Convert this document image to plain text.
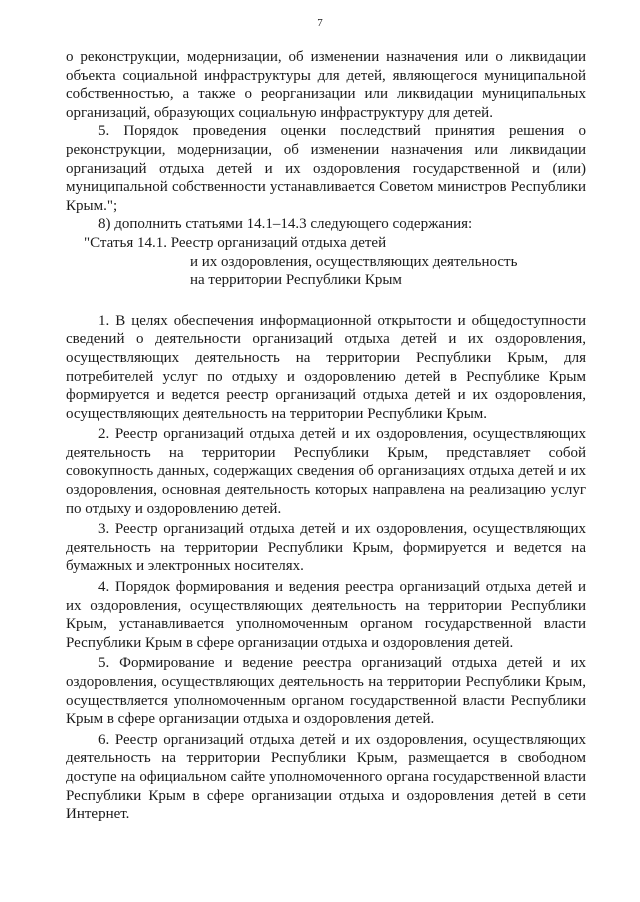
7

о реконструкции, модернизации, об изменении назначения или о ликвидации объекта социальной инфраструктуры для детей, являющегося муниципальной собственностью, а также о реорганизации или ликвидации муниципальных организаций, образующих социальную инфраструктуру для детей.

5. Порядок проведения оценки последствий принятия решения о реконструкции, модернизации, об изменении назначения или ликвидации организаций отдыха детей и их оздоровления государственной и (или) муниципальной собственности устанавливается Советом министров Республики Крым.";

8) дополнить статьями 14.1–14.3 следующего содержания:

"Статья 14.1. Реестр организаций отдыха детей

и их оздоровления, осуществляющих деятельность

на территории Республики Крым

1. В целях обеспечения информационной открытости и общедоступности сведений о деятельности организаций отдыха детей и их оздоровления, осуществляющих деятельность на территории Республики Крым, для потребителей услуг по отдыху и оздоровлению детей в Республике Крым формируется и ведется реестр организаций отдыха детей и их оздоровления, осуществляющих деятельность на территории Республики Крым.

2. Реестр организаций отдыха детей и их оздоровления, осуществляющих деятельность на территории Республики Крым, представляет собой совокупность данных, содержащих сведения об организациях отдыха детей и их оздоровления, основная деятельность которых направлена на реализацию услуг по отдыху и оздоровлению детей.

3. Реестр организаций отдыха детей и их оздоровления, осуществляющих деятельность на территории Республики Крым, формируется и ведется на бумажных и электронных носителях.

4. Порядок формирования и ведения реестра организаций отдыха детей и их оздоровления, осуществляющих деятельность на территории Республики Крым, устанавливается уполномоченным органом государственной власти Республики Крым в сфере организации отдыха и оздоровления детей.

5. Формирование и ведение реестра организаций отдыха детей и их оздоровления, осуществляющих деятельность на территории Республики Крым, осуществляется уполномоченным органом государственной власти Республики Крым в сфере организации отдыха и оздоровления детей.

6. Реестр организаций отдыха детей и их оздоровления, осуществляющих деятельность на территории Республики Крым, размещается в свободном доступе на официальном сайте уполномоченного органа государственной власти Республики Крым в сфере организации отдыха и оздоровления детей в сети Интернет.
